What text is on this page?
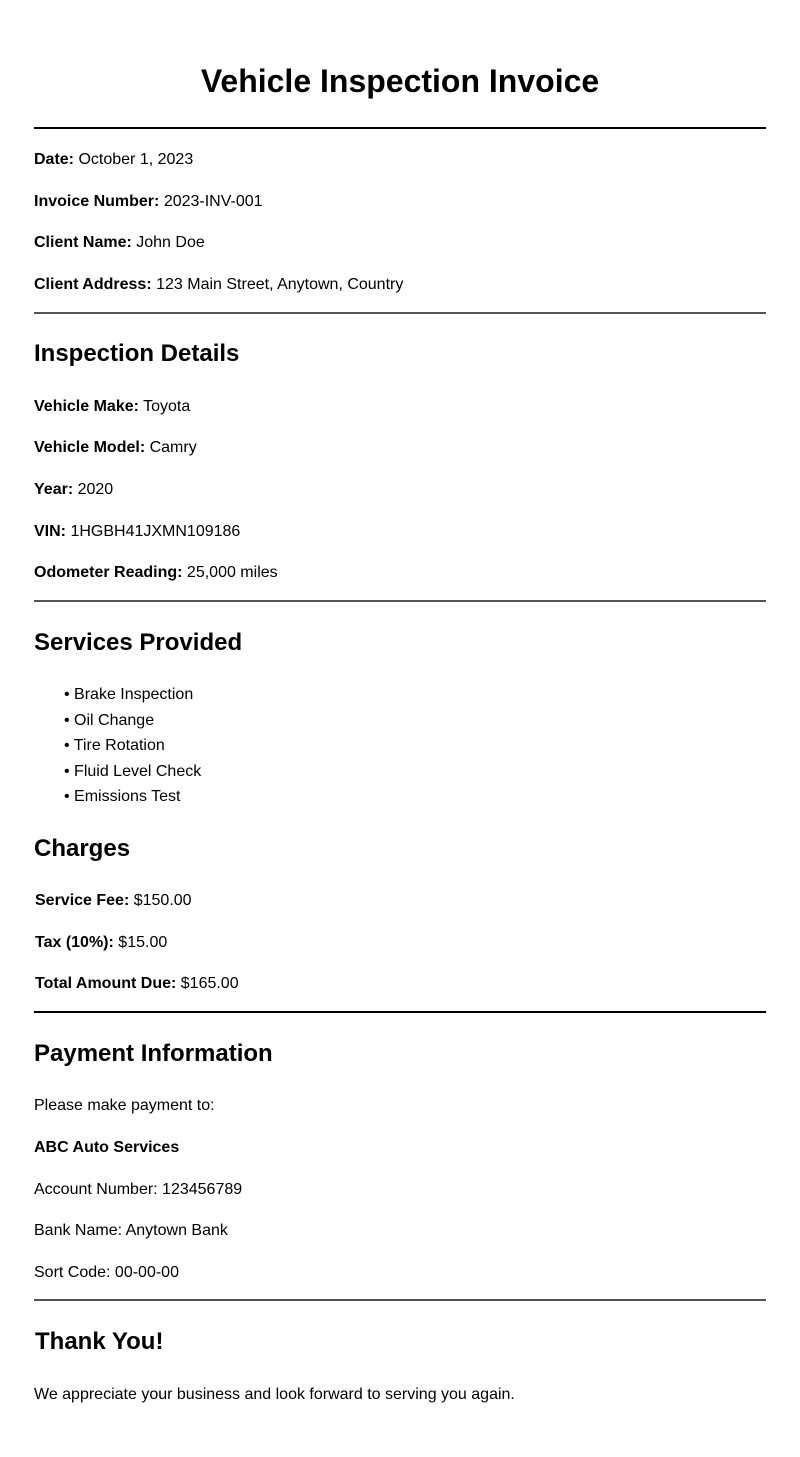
Vehicle Inspection Invoice
Date: October 1, 2023
Invoice Number: 2023-INV-001
Client Name: John Doe
Client Address: 123 Main Street, Anytown, Country
Inspection Details
Vehicle Make: Toyota
Vehicle Model: Camry
Year: 2020
VIN: 1HGBH41JXMN109186
Odometer Reading: 25,000 miles
Services Provided
• Brake Inspection
• Oil Change
• Tire Rotation
• Fluid Level Check
• Emissions Test
Charges
Service Fee: $150.00
Tax (10%): $15.00
Total Amount Due: $165.00
Payment Information
Please make payment to:
ABC Auto Services
Account Number: 123456789
Bank Name: Anytown Bank
Sort Code: 00-00-00
Thank You!
We appreciate your business and look forward to serving you again.
